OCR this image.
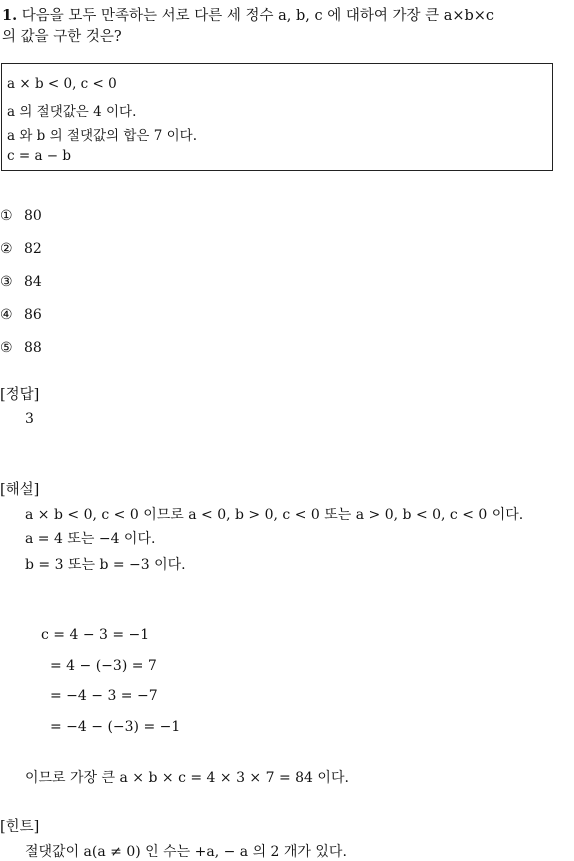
1. 다음을 모두 만족하는 서로 다른 세 정수 a, b, c 에 대하여 가장 큰 a×b×c
의 값을 구한 것은?
a × b < 0, c < 0
a 의 절댓값은 4 이다.
a 와 b 의 절댓값의 합은 7 이다.
c = a − b
① 80
② 82
③ 84
④ 86
⑤ 88
[정답]
3
[해설]
a × b < 0, c < 0 이므로 a < 0, b > 0, c < 0 또는 a > 0, b < 0, c < 0 이다.
a = 4 또는 −4 이다.
b = 3 또는 b = −3 이다.
c = 4 − 3 = −1
= 4 − (−3) = 7
= −4 − 3 = −7
= −4 − (−3) = −1
이므로 가장 큰 a × b × c = 4 × 3 × 7 = 84 이다.
[힌트]
절댓값이 a(a ≠ 0) 인 수는 +a, − a 의 2 개가 있다.
